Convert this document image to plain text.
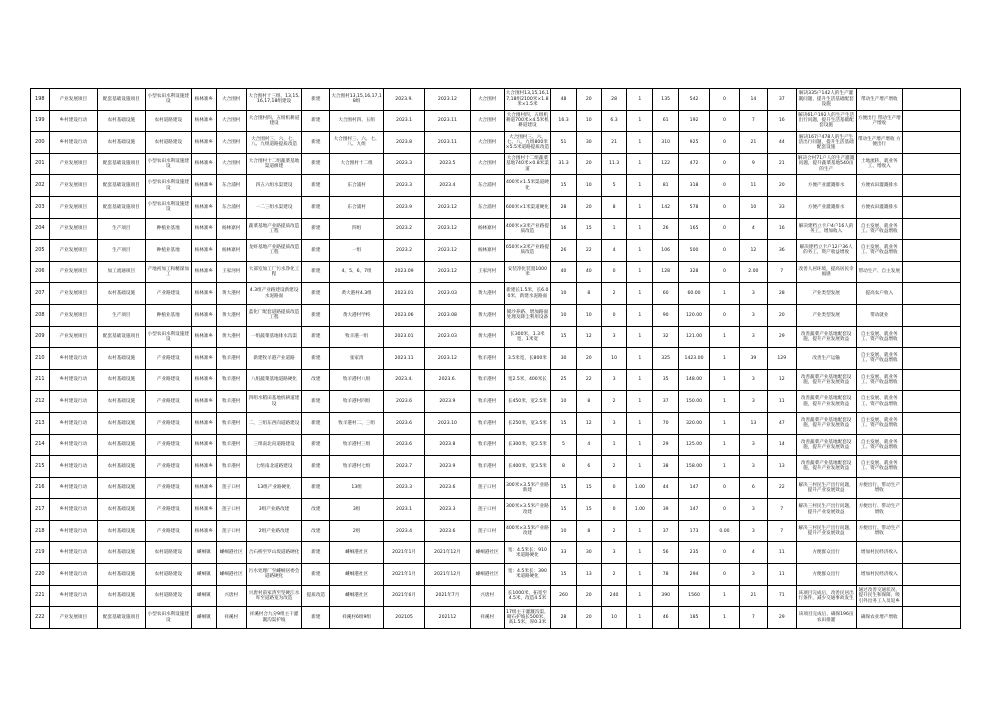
198	产业发展项目	配套基础设施项目	小型农田水利设施建设	杨林寨乡	大合围村	大合围村十三组、13,15,16,17,18组建设	新建	大合围村13,15,16,17,18组	2023.9.	2023.12	大合围村	大合围村13,15,16,17,18组2100米×1.8米×1.5米	48	20	28	1	135	542	0	14	37	解决335户142人的生产灌溉问题，提升生活基础配套设施	带动生产增产增收	
199	乡村建设行动	农村基础设施	农村道路建设	杨林寨乡	大合围村	大合围村四、五组机耕道建设	新建	大合围村四、五组	2023.1	2023.11	大合围村	大合围村四、五组机耕道700米×4.5米机耕道建设	16.3	10	6.3	1	61	192	0	7	16	解决61户192人的生产生活出行问题，提升生活基础配套设施	方便出行 带动生产增产增收	
200	乡村建设行动	农村基础设施	农村道路建设	杨林寨乡	大合围村	大合围村三、六、七、八、九组道路提质改造	新建	大合围村三、六、七、八、九组	2023.8	2023.11	大合围村	大合围村三、六、七、八、九组800米×5.5米道路提质改造	51	30	21	1	310	925	0	21	44	解决167户478人的生产生活出行问题，提升生活基础配套设施	带动生产增产增收 方便出行	
201	产业发展项目	配套基础设施项目	小型农田水利设施建设	杨林寨乡	大合围村	大合围村十二组蔬菜基地渠道修建	新建	大合围村十二组	2023.3	2023.5	大合围村	大合围村十二组蔬菜基地740米×0.8米渠道	31.3	20	11.3	1	122	472	0	9	21	解决合村71户人的生产灌溉问题，提升蔬菜基地540亩的生产	土地流转、就业务工、增收入	
202	产业发展项目	配套基础设施项目	小型农田水利设施建设	杨林寨乡	东合浦村	四五六组水渠建设	新建	东合浦村	2023.3	2023.4	东合浦村	400米×1.5米渠道硬化	15	10	5	1	81	318	0	11	20	方便产业灌溉排水	方便农田灌溉排水	
203	产业发展项目	配套基础设施项目	小型农田水利设施建设	杨林寨乡	东合浦村	一二三组水渠建设	新建	东合浦村	2023.9	2023.12	东合浦村	600米×1米渠道硬化	28	20	8	1	142	578	0	10	33	方便产业灌溉排水	方便农田灌溉排水	
204	产业发展项目	生产项目	种植业基地	杨林寨乡	杨林寨村	蔬菜基地产业路提质改造工程	新建	四组	2023.2	2023.12	杨林寨村	400米×3米产业路提质改造	16	15	1	1	26	165	0	4	16	解决建档立卡户4户16人的务工，增加收入	自主发展、就业务工、资产收益增收	
205	产业发展项目	生产项目	种植业基地	杨林寨乡	杨林寨村	龙虾基地产业路提质改造工程	新建	一组	2023.2	2023.12	杨林寨村	650米×3米产业路提质改造	26	22	4	1	106	500	0	12	36	解决建档立卡户12户36人的务工，资产收益增收	自主发展、就业务工、资产收益增收	
206	产业发展项目	加工流通项目	产地初加工和精深加工	杨林寨乡	王家河村	大部室加工厂污水净化工程	新建	4、5、6、7组	2023.09	2023.12	王家河村	安装净化装置1000米	40	40	0	1	128	328	0	2.00	7	改善人居环境，提高居民幸福感	带动生产、自主发展	
207	产业发展项目	农村基础设施	产业路建设	杨林寨乡	黄大港村	4.3组产业路建设新建设水泥路面	新建	黄大港村4.3组	2023.01	2023.03	黄大港村	新建长1.5米，长6.00米，新建水泥路面	10	8	2	1	60	60.00	1	3	28	产业类型发展	提高农户收入	
208	产业发展项目	生产项目	种植业基地	杨林寨乡	黄大港村	蓝化厂配套道路提质改造工程	新建	黄大港村学校	2023.06	2023.08	黄大港村	铺沙养路、增加路面处理及降尘利用设备	10	10	0	1	90	120.00	0	3	20	产业类型发展	带动就业	
209	产业发展项目	配套基础设施项目	小型农田水利设施建设	杨林寨乡	黄大港村	一组蔬菜基地排水沟渠	新建	牧羊港一组	2023.01	2023.03	黄大港村	长300米，1.3米宽，1米宽	15	12	3	1	32	121.00	1	3	29	改善蔬菜产业基地配套设施，提升产业发展效益	自主发展、就业务工、资产收益增收	
210	乡村建设行动	农村基础设施	产业路建设	杨林寨乡	牧羊港村	新建牧羊港产业道路	新建	张家湾	2023.11	2023.12	牧羊港村	3.5米宽，长800米	30	20	10	1	325	1423.00	1	39	129	改善生产运输	自主发展、就业务工、资产收益增收	
211	乡村建设行动	农村基础设施	产业路建设	杨林寨乡	牧羊港村	八组蔬菜基地道路硬化	改建	牧羊港村八组	2023.4.	2023.6.	牧羊港村	宽2.5米，400米长	25	22	3	1	35	148.00	1	3	12	改善蔬菜产业基地配套设施，提升产业发展效益	自主发展、就业务工、资产收益增收	
212	乡村建设行动	农村基础设施	产业路建设	杨林寨乡	牧羊港村	四组水稻田基地机耕道建设	新建	牧羊港村四组	2023.6	2023.9	牧羊港村	长450米，宽2.5米	10	8	2	1	37	150.00	1	3	11	改善蔬菜产业基地配套设施，提升产业发展效益	自主发展、就业务工、资产收益增收	
213	乡村建设行动	农村基础设施	产业路建设	杨林寨乡	牧羊港村	二、三组东西向道路建设	新建	牧羊港村二、三组	2023.6	2023.10	牧羊港村	长250米，宽3.5米	15	12	3	1	70	320.00	1	13	47	改善蔬菜产业基地配套设施，提升产业发展效益	自主发展、就业务工、资产收益增收	
214	乡村建设行动	农村基础设施	产业路建设	杨林寨乡	牧羊港村	三组南北向道路建设	新建	牧羊港村三组	2023.6	2023.8	牧羊港村	长300米，宽2.5米	5	4	1	1	29	125.00	1	3	14	改善蔬菜产业基地配套设施，提升产业发展效益	自主发展、就业务工、资产收益增收	
215	乡村建设行动	农村基础设施	产业路建设	杨林寨乡	牧羊港村	七组南北道路建设	新建	牧羊港村七组	2023.7	2023.9	牧羊港村	长400米，宽3.5米	8	6	2	1	38	158.00	1	3	13	改善蔬菜产业基地配套设施，提升产业发展效益	自主发展、就业务工、资产收益增收	
216	乡村建设行动	农村基础设施	产业路建设	杨林寨乡	莲子口村	13组产业路硬化	新建	13组	2023.3	2023.6	莲子口村	300米×3.5米产业路新建	15	15	0	1.00	44	147	0	6	22	解决三村民生产出行问题，提升产业发展效益	方便出行、带动生产增收	
217	乡村建设行动	农村基础设施	产业路建设	杨林寨乡	莲子口村	3组产业路改建	改建	3组	2023.1	2023.3	莲子口村	300米×3.5米产业路改建	15	15	0	1.00	39	147	0	3	7	解决三村民生产出行问题，提升产业发展效益	方便出行、带动生产增收	
218	乡村建设行动	农村基础设施	产业路建设	杨林寨乡	莲子口村	2组产业路改建	改建	2组	2023.4	2023.6	莲子口村	400米×3.5米产业路改建	10	8	2	1	37	173	0.00	3	7	解决三村民生产出行问题，提升产业发展效益	方便出行、带动生产增收	
219	乡村建设行动	农村基础设施	农村道路建设	嵊峒镇	嵊峒港社区	合石桥至罗山坂道路硬化	新建	嵊峒港社区	2021年1月	2021年12月	嵊峒港社区	宽：4.5米长：910米道路硬化	33	30	3	1	56	235	0	4	11	方便群众出行	增加村民经济收入	
220	乡村建设行动	农村基础设施	农村道路建设	嵊峒镇	嵊峒港社区	污水处理厂至嵊峒居委会道路硬化	新建	嵊峒港社区	2021年1月	2021年12月	嵊峒港社区	宽：4.5米长：390米道路硬化	15	13	2	1	78	294	0	3	11	方便群众出行	增加村民经济收入	
221	乡村建设行动	农村基础设施	农村道路建设	嵊峒镇	兴唐村	兴唐村前家湾至坚硬江水库至道路宽为改造	提质改造	嵊峒港社区	2021年6月	2021年7月	兴唐村	长1000米，拓宽至4.5米，改造4.5米	260	20	240	1	390	1560	1	21	71	该项目完成后，改善民居出行条件，减少交通事故发生	通过改善交通状况、提升民生和保障，吸引外出务工人员返乡	
222	产业发展项目	配套基础设施项目	小型农田水利设施建设	嵊峒镇	祥溪村	祥溪村合九分9组主干灌溉沟渠护坡	新建	祥溪村6组9组	202105	202112	祥溪村	17组主干灌溉沟渠，砌石护坡长500米、高1.5米，厚0.3米	28	20	10	1	46	185	1	7	29	该项目完成后，确保196亩农田排灌	确保农业增产增收	
